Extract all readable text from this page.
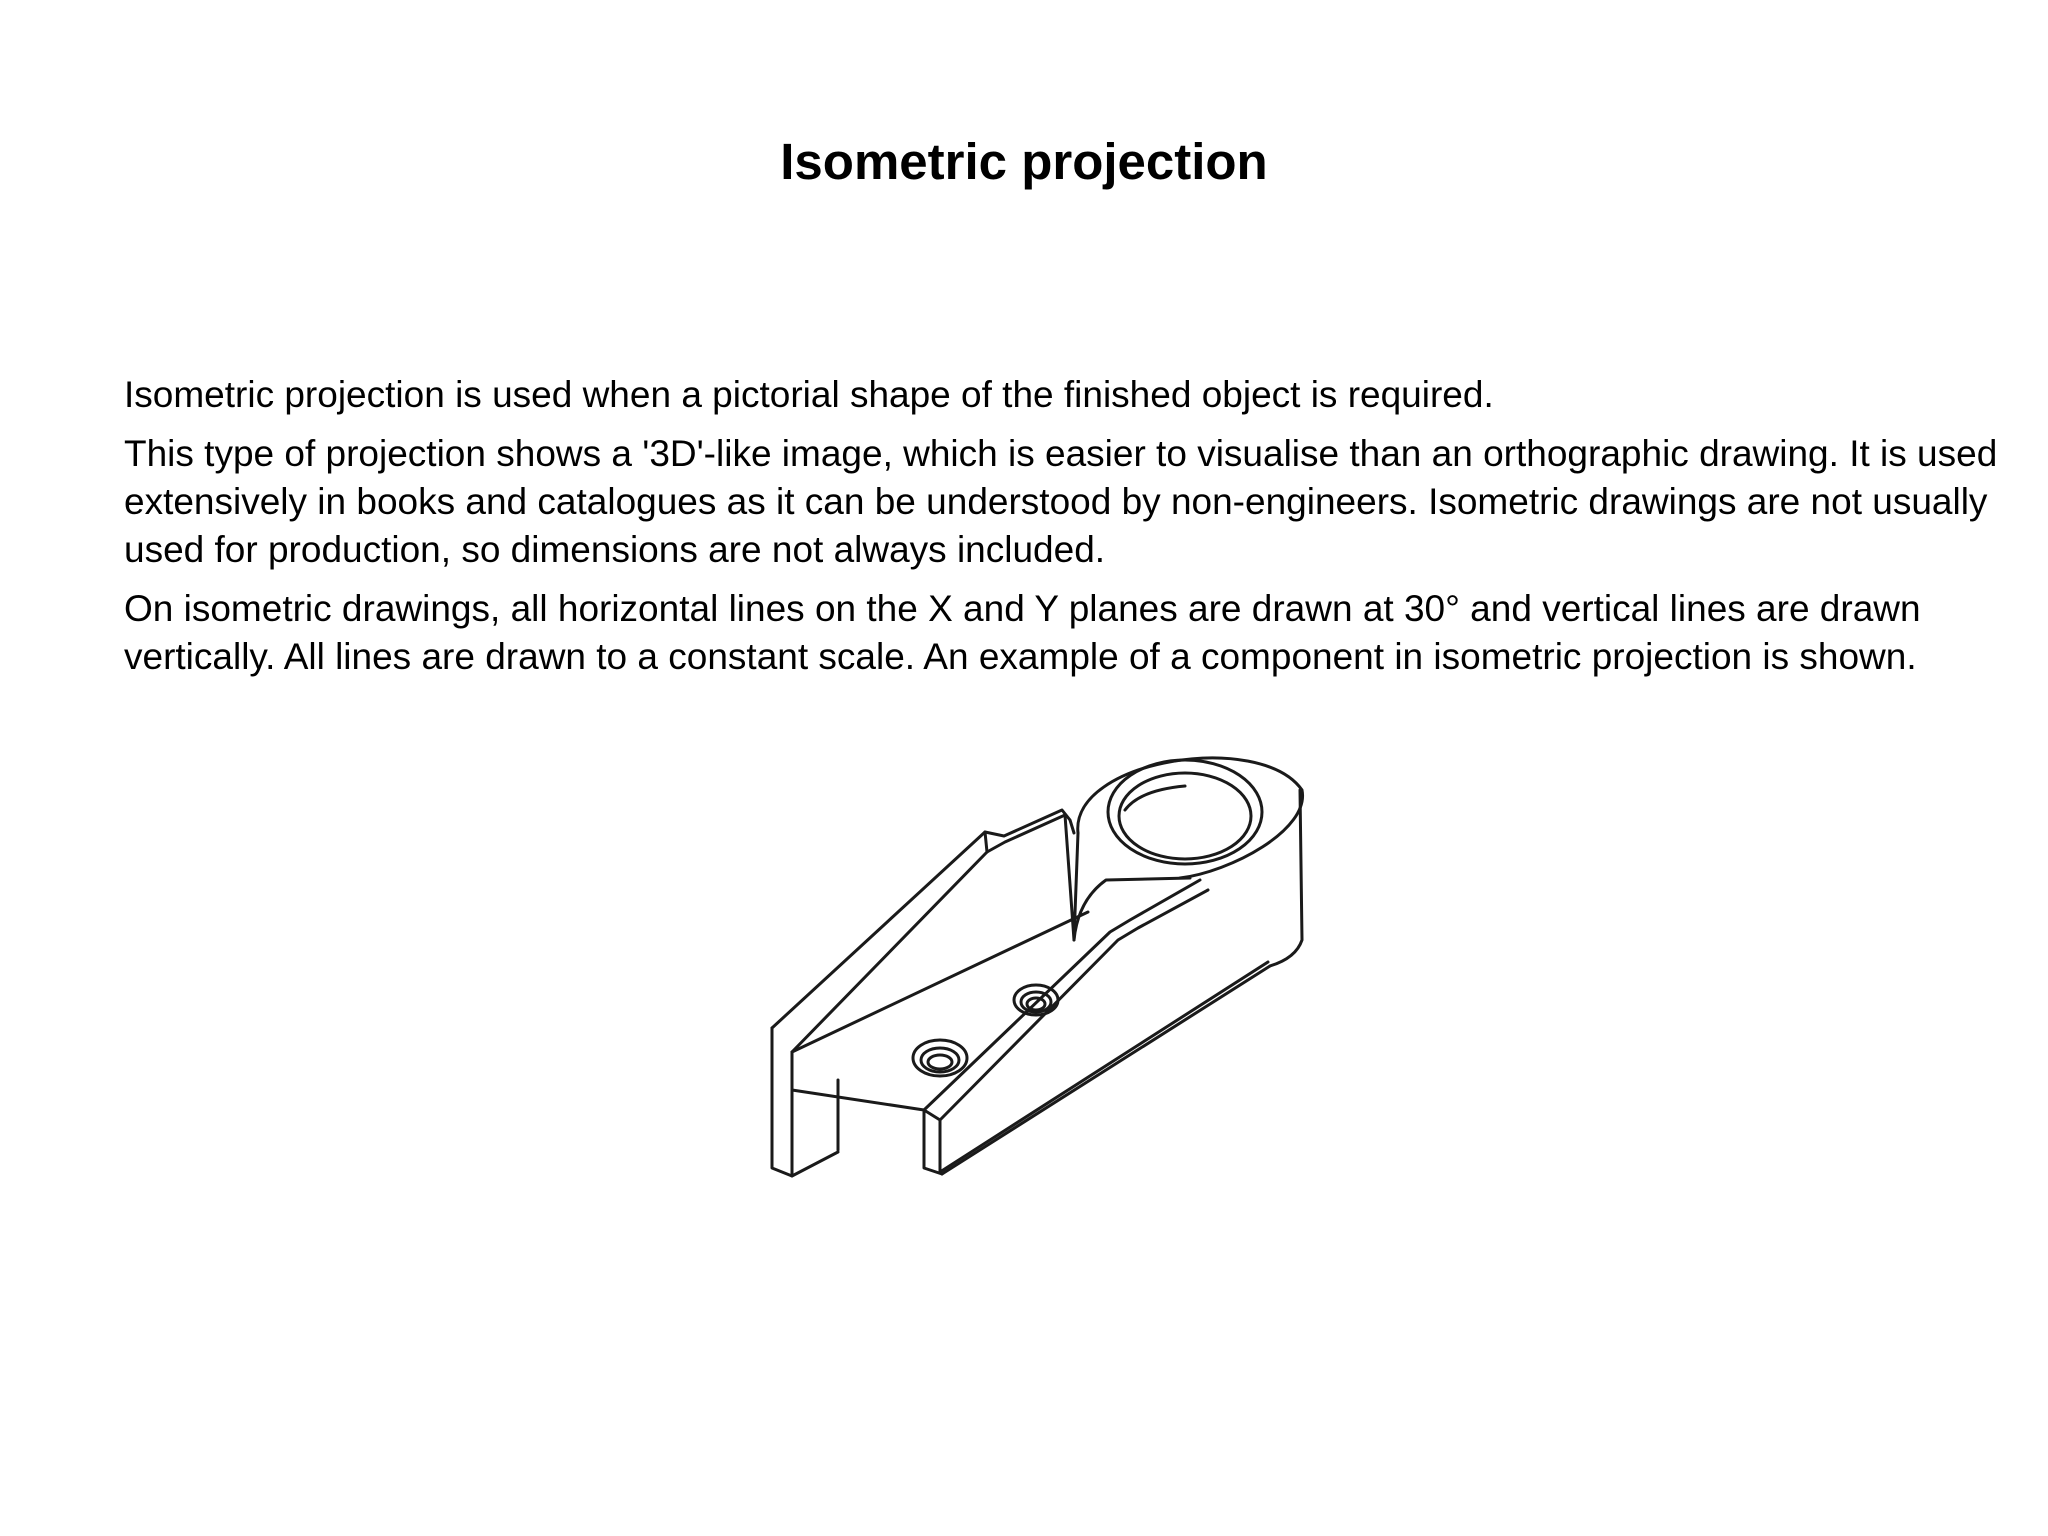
Isometric projection

Isometric projection is used when a pictorial shape of the finished object is required.

This type of projection shows a '3D'-like image, which is easier to visualise than an orthographic drawing. It is used extensively in books and catalogues as it can be understood by non-engineers. Isometric drawings are not usually used for production, so dimensions are not always included.

On isometric drawings, all horizontal lines on the X and Y planes are drawn at 30° and vertical lines are drawn vertically. All lines are drawn to a constant scale. An example of a component in isometric projection is shown.
